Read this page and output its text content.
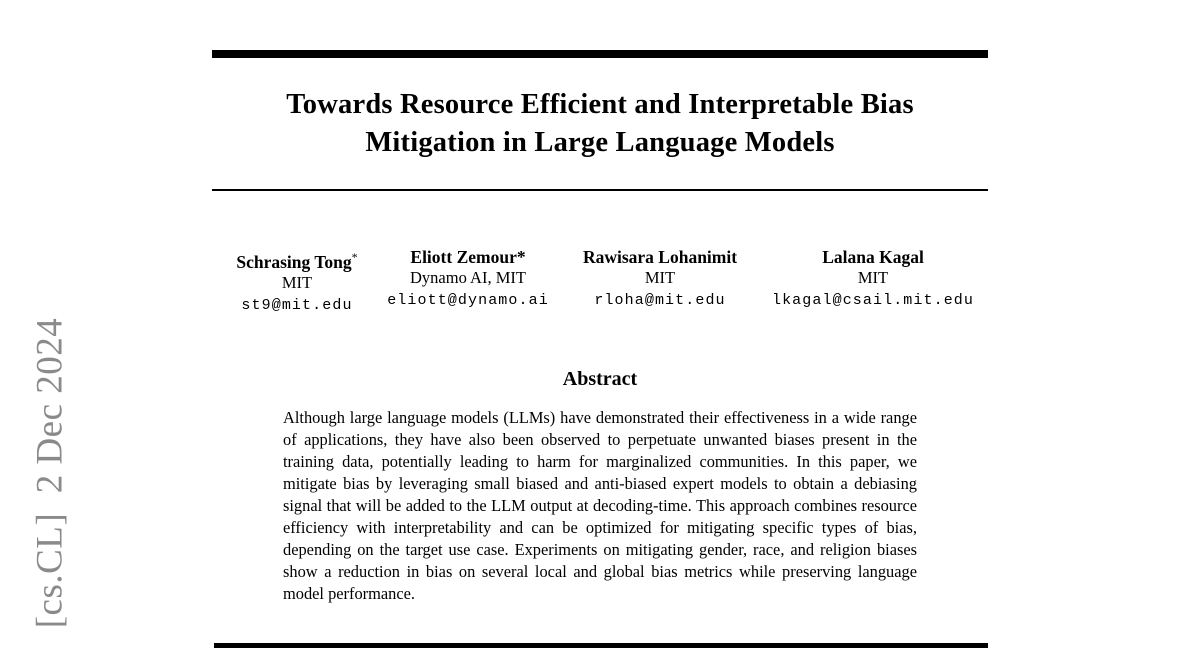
[cs.CL]  2 Dec 2024
Towards Resource Efficient and Interpretable Bias
Mitigation in Large Language Models
Schrasing Tong*
MIT
st9@mit.edu
Eliott Zemour*
Dynamo AI, MIT
eliott@dynamo.ai
Rawisara Lohanimit
MIT
rloha@mit.edu
Lalana Kagal
MIT
lkagal@csail.mit.edu
Abstract

Although large language models (LLMs) have demonstrated their effectiveness in a wide range of applications, they have also been observed to perpetuate unwanted biases present in the training data, potentially leading to harm for marginalized communities. In this paper, we mitigate bias by leveraging small biased and anti-biased expert models to obtain a debiasing signal that will be added to the LLM output at decoding-time. This approach combines resource efficiency with interpretability and can be optimized for mitigating specific types of bias, depending on the target use case. Experiments on mitigating gender, race, and religion biases show a reduction in bias on several local and global bias metrics while preserving language model performance.
